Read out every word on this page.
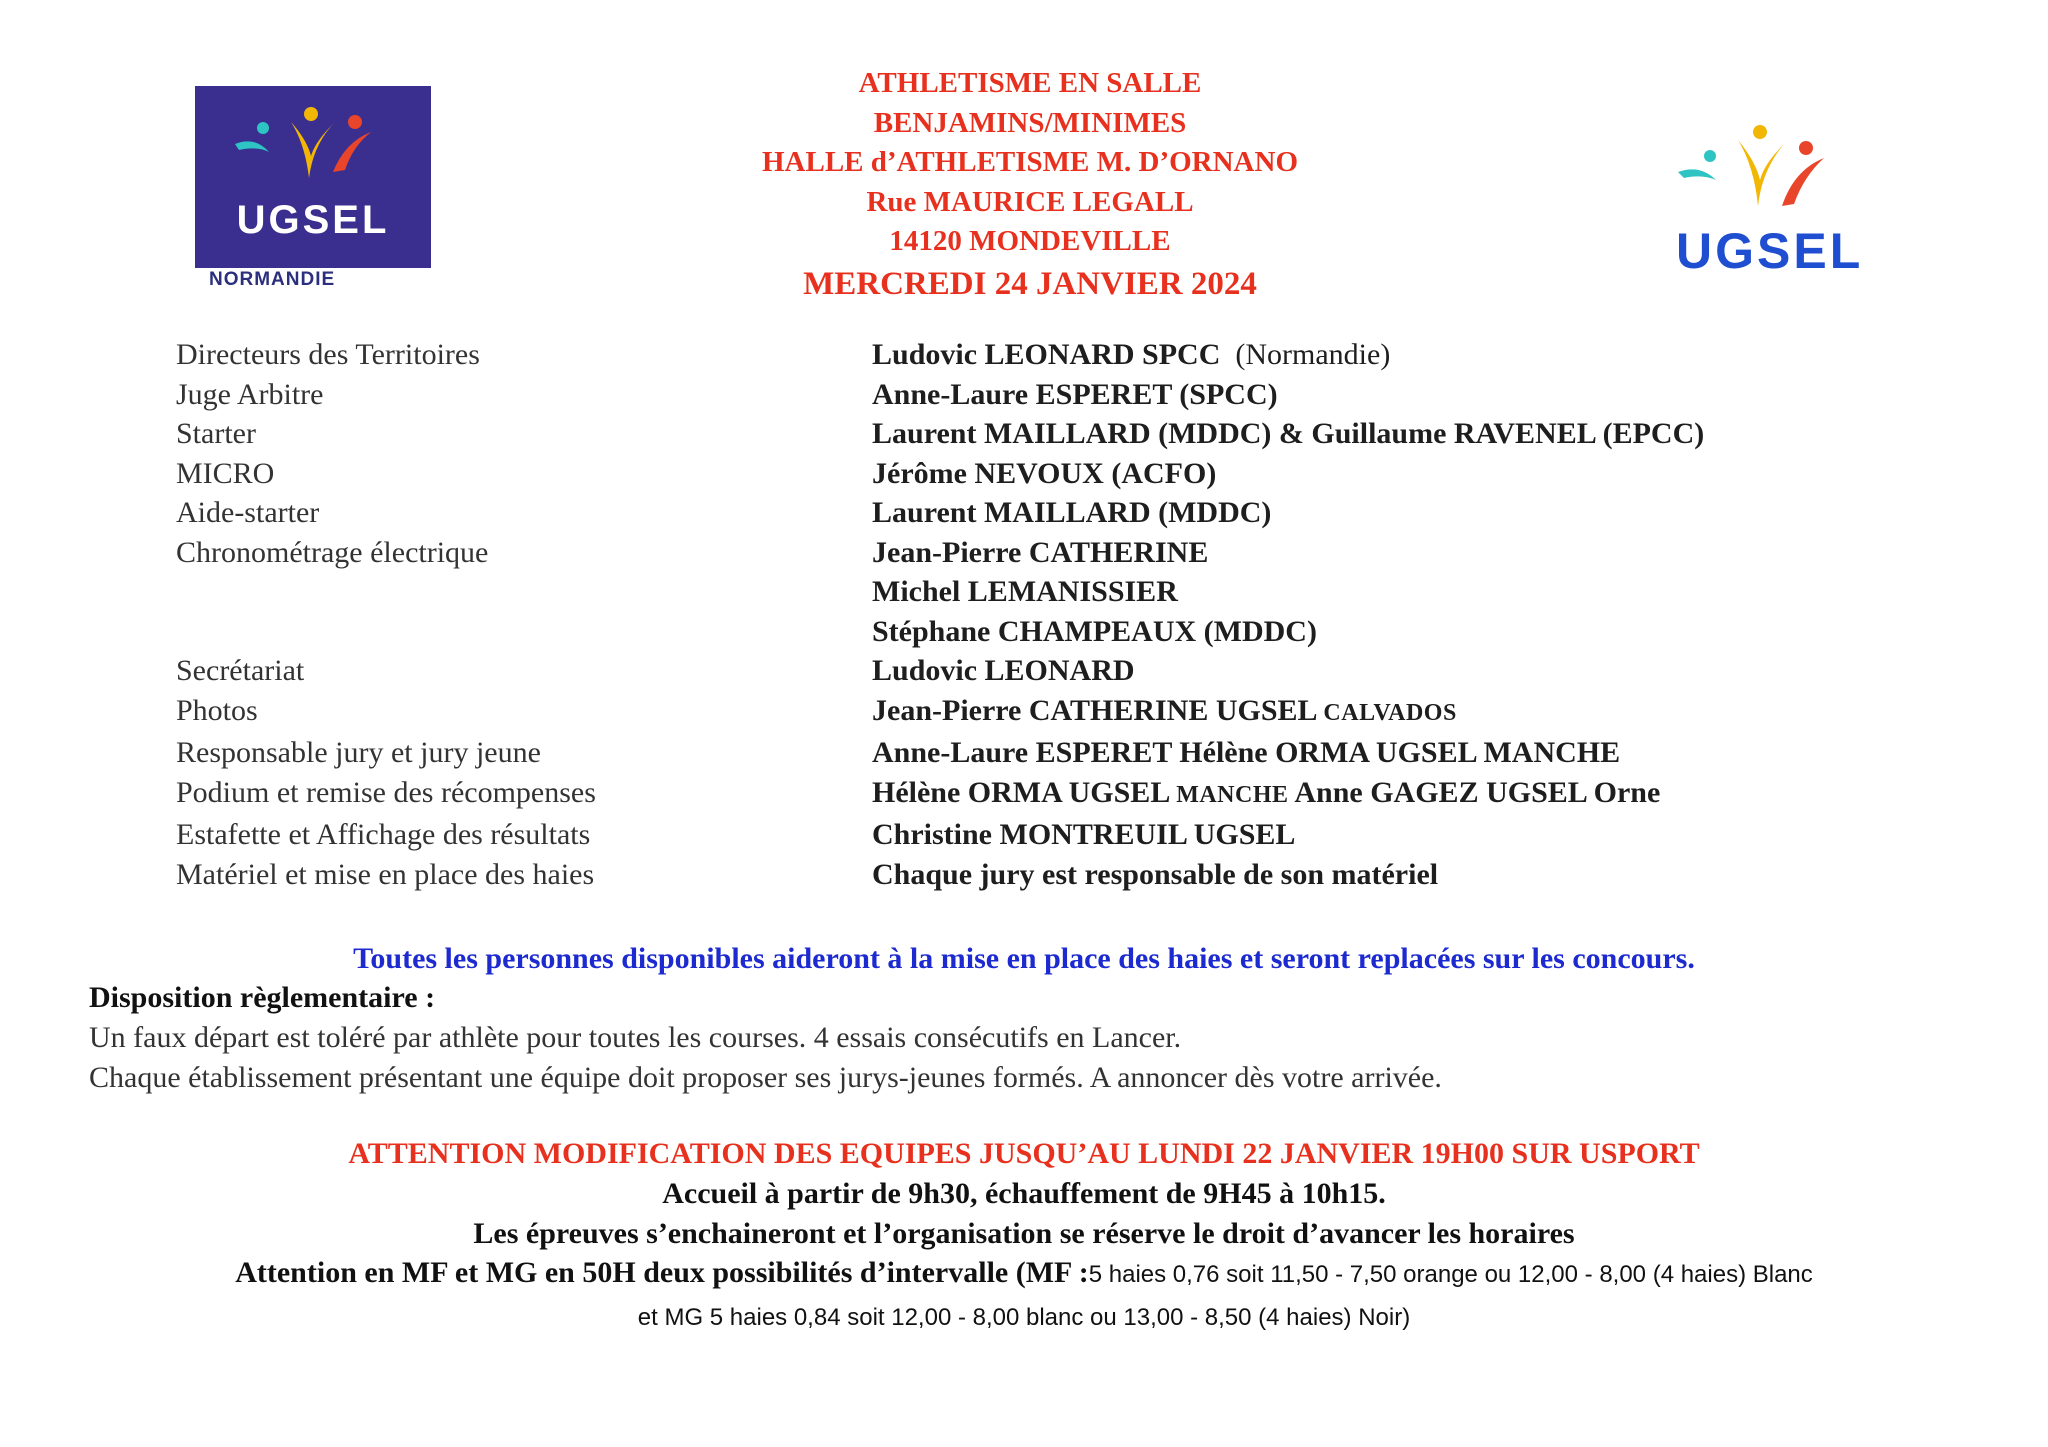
UGSEL
NORMANDIE
UGSEL
ATHLETISME EN SALLE
BENJAMINS/MINIMES
HALLE d’ATHLETISME M. D’ORNANO
Rue MAURICE LEGALL
14120 MONDEVILLE
MERCREDI 24 JANVIER 2024
Directeurs des Territoires	Ludovic LEONARD SPCC (Normandie)
Juge Arbitre	Anne-Laure ESPERET (SPCC)
Starter	Laurent MAILLARD (MDDC) & Guillaume RAVENEL (EPCC)
MICRO	Jérôme NEVOUX (ACFO)
Aide-starter	Laurent MAILLARD (MDDC)
Chronométrage électrique	Jean-Pierre CATHERINE
Michel LEMANISSIER
Stéphane CHAMPEAUX (MDDC)
Secrétariat	Ludovic LEONARD
Photos	Jean-Pierre CATHERINE UGSEL CALVADOS
Responsable jury et jury jeune	Anne-Laure ESPERET Hélène ORMA UGSEL MANCHE
Podium et remise des récompenses	Hélène ORMA UGSEL MANCHE Anne GAGEZ UGSEL Orne
Estafette et Affichage des résultats	Christine MONTREUIL UGSEL
Matériel et mise en place des haies	Chaque jury est responsable de son matériel
Toutes les personnes disponibles aideront à la mise en place des haies et seront replacées sur les concours.
Disposition règlementaire :
Un faux départ est toléré par athlète pour toutes les courses. 4 essais consécutifs en Lancer.
Chaque établissement présentant une équipe doit proposer ses jurys-jeunes formés. A annoncer dès votre arrivée.
ATTENTION MODIFICATION DES EQUIPES JUSQU’AU LUNDI 22 JANVIER 19H00 SUR USPORT
Accueil à partir de 9h30, échauffement de 9H45 à 10h15.
Les épreuves s’enchaineront et l’organisation se réserve le droit d’avancer les horaires
Attention en MF et MG en 50H deux possibilités d’intervalle (MF :5 haies 0,76 soit 11,50 - 7,50 orange ou 12,00 - 8,00 (4 haies) Blanc
et MG 5 haies 0,84 soit 12,00 - 8,00 blanc ou 13,00 - 8,50 (4 haies) Noir)
